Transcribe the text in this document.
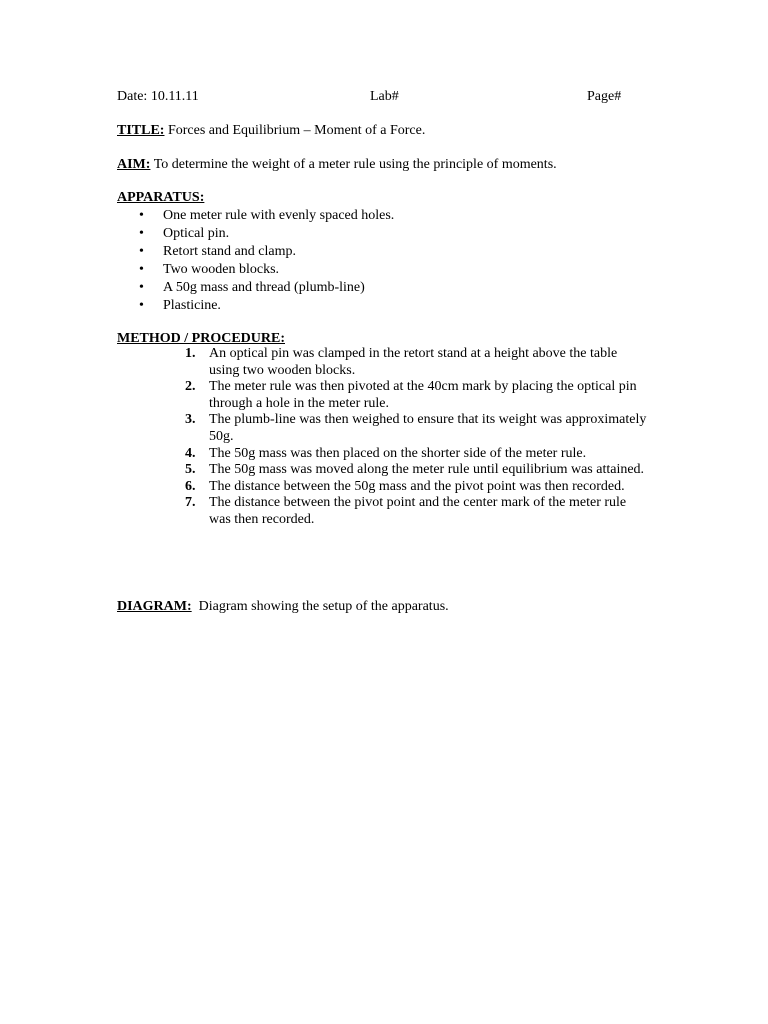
Date: 10.11.11	Lab#	Page#
TITLE: Forces and Equilibrium – Moment of a Force.
AIM: To determine the weight of a meter rule using the principle of moments.
APPARATUS:
• One meter rule with evenly spaced holes.
• Optical pin.
• Retort stand and clamp.
• Two wooden blocks.
• A 50g mass and thread (plumb-line)
• Plasticine.
METHOD / PROCEDURE:
1. An optical pin was clamped in the retort stand at a height above the table using two wooden blocks.
2. The meter rule was then pivoted at the 40cm mark by placing the optical pin through a hole in the meter rule.
3. The plumb-line was then weighed to ensure that its weight was approximately 50g.
4. The 50g mass was then placed on the shorter side of the meter rule.
5. The 50g mass was moved along the meter rule until equilibrium was attained.
6. The distance between the 50g mass and the pivot point was then recorded.
7. The distance between the pivot point and the center mark of the meter rule was then recorded.
DIAGRAM: Diagram showing the setup of the apparatus.
